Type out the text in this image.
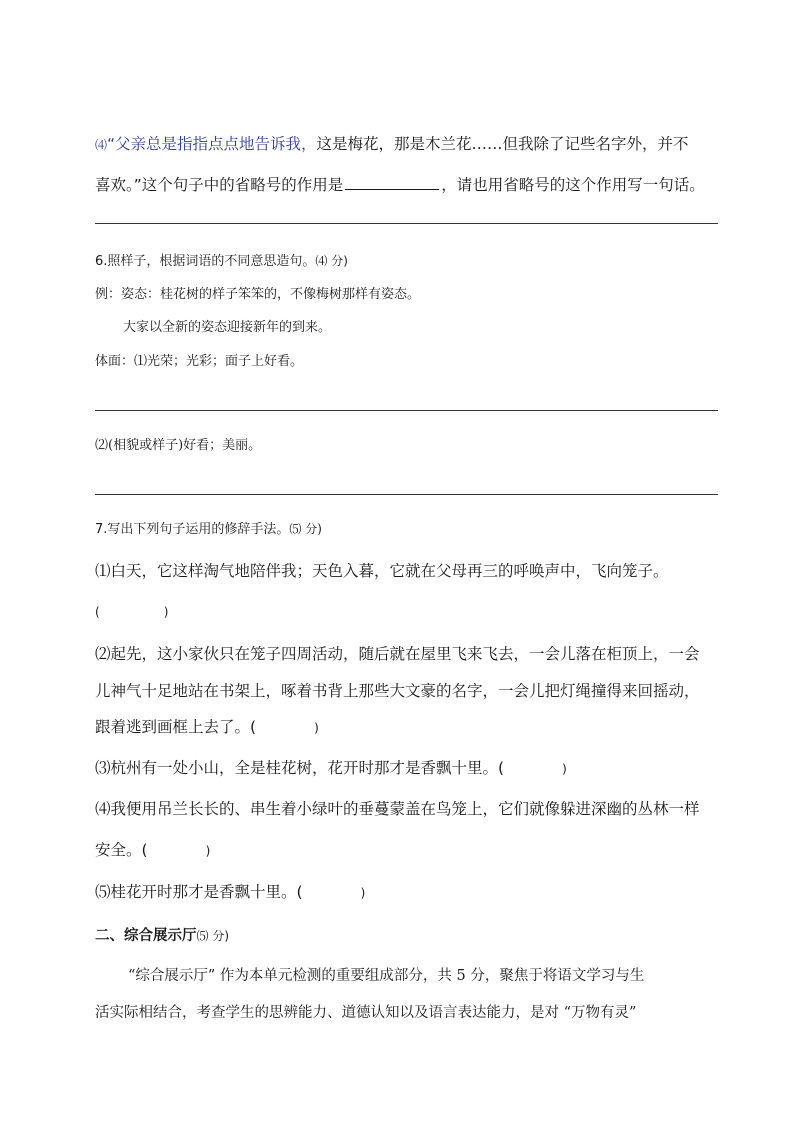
⑷“父亲总是指指点点地告诉我，这是梅花，那是木兰花……但我除了记些名字外，并不
喜欢。”这个句子中的省略号的作用是	，请也用省略号的这个作用写一句话。
6.照样子，根据词语的不同意思造句。⑷ 分)
例：姿态：桂花树的样子笨笨的，不像梅树那样有姿态。
大家以全新的姿态迎接新年的到来。
体面：⑴光荣；光彩；面子上好看。
⑵(相貌或样子)好看；美丽。
7.写出下列句子运用的修辞手法。⑸ 分)
⑴白天，它这样淘气地陪伴我；天色入暮，它就在父母再三的呼唤声中，飞向笼子。
(	)
⑵起先，这小家伙只在笼子四周活动，随后就在屋里飞来飞去，一会儿落在柜顶上，一会
儿神气十足地站在书架上，啄着书背上那些大文豪的名字，一会儿把灯绳撞得来回摇动，
跟着逃到画框上去了。(	)
⑶杭州有一处小山，全是桂花树，花开时那才是香飘十里。(	)
⑷我便用吊兰长长的、串生着小绿叶的垂蔓蒙盖在鸟笼上，它们就像躲进深幽的丛林一样
安全。(	)
⑸桂花开时那才是香飘十里。(	)
二、综合展示厅⑸ 分)
“综合展示厅” 作为本单元检测的重要组成部分，共 5 分，聚焦于将语文学习与生
活实际相结合，考查学生的思辨能力、道德认知以及语言表达能力，是对 “万物有灵”
